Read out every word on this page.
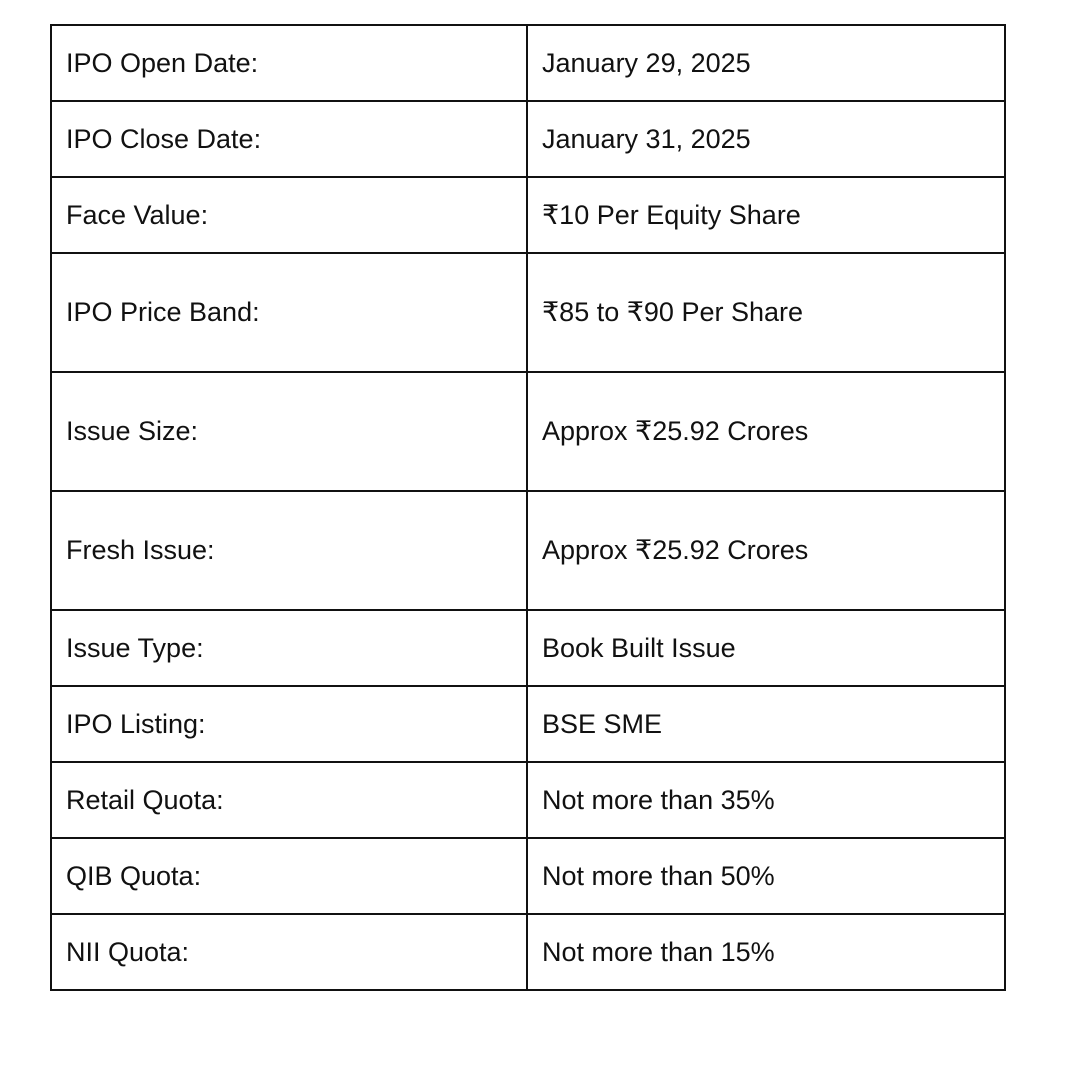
IPO Open Date:	January 29, 2025
IPO Close Date:	January 31, 2025
Face Value:	₹10 Per Equity Share
IPO Price Band:	₹85 to ₹90 Per Share
Issue Size:	Approx ₹25.92 Crores
Fresh Issue:	Approx ₹25.92 Crores
Issue Type:	Book Built Issue
IPO Listing:	BSE SME
Retail Quota:	Not more than 35%
QIB Quota:	Not more than 50%
NII Quota:	Not more than 15%
